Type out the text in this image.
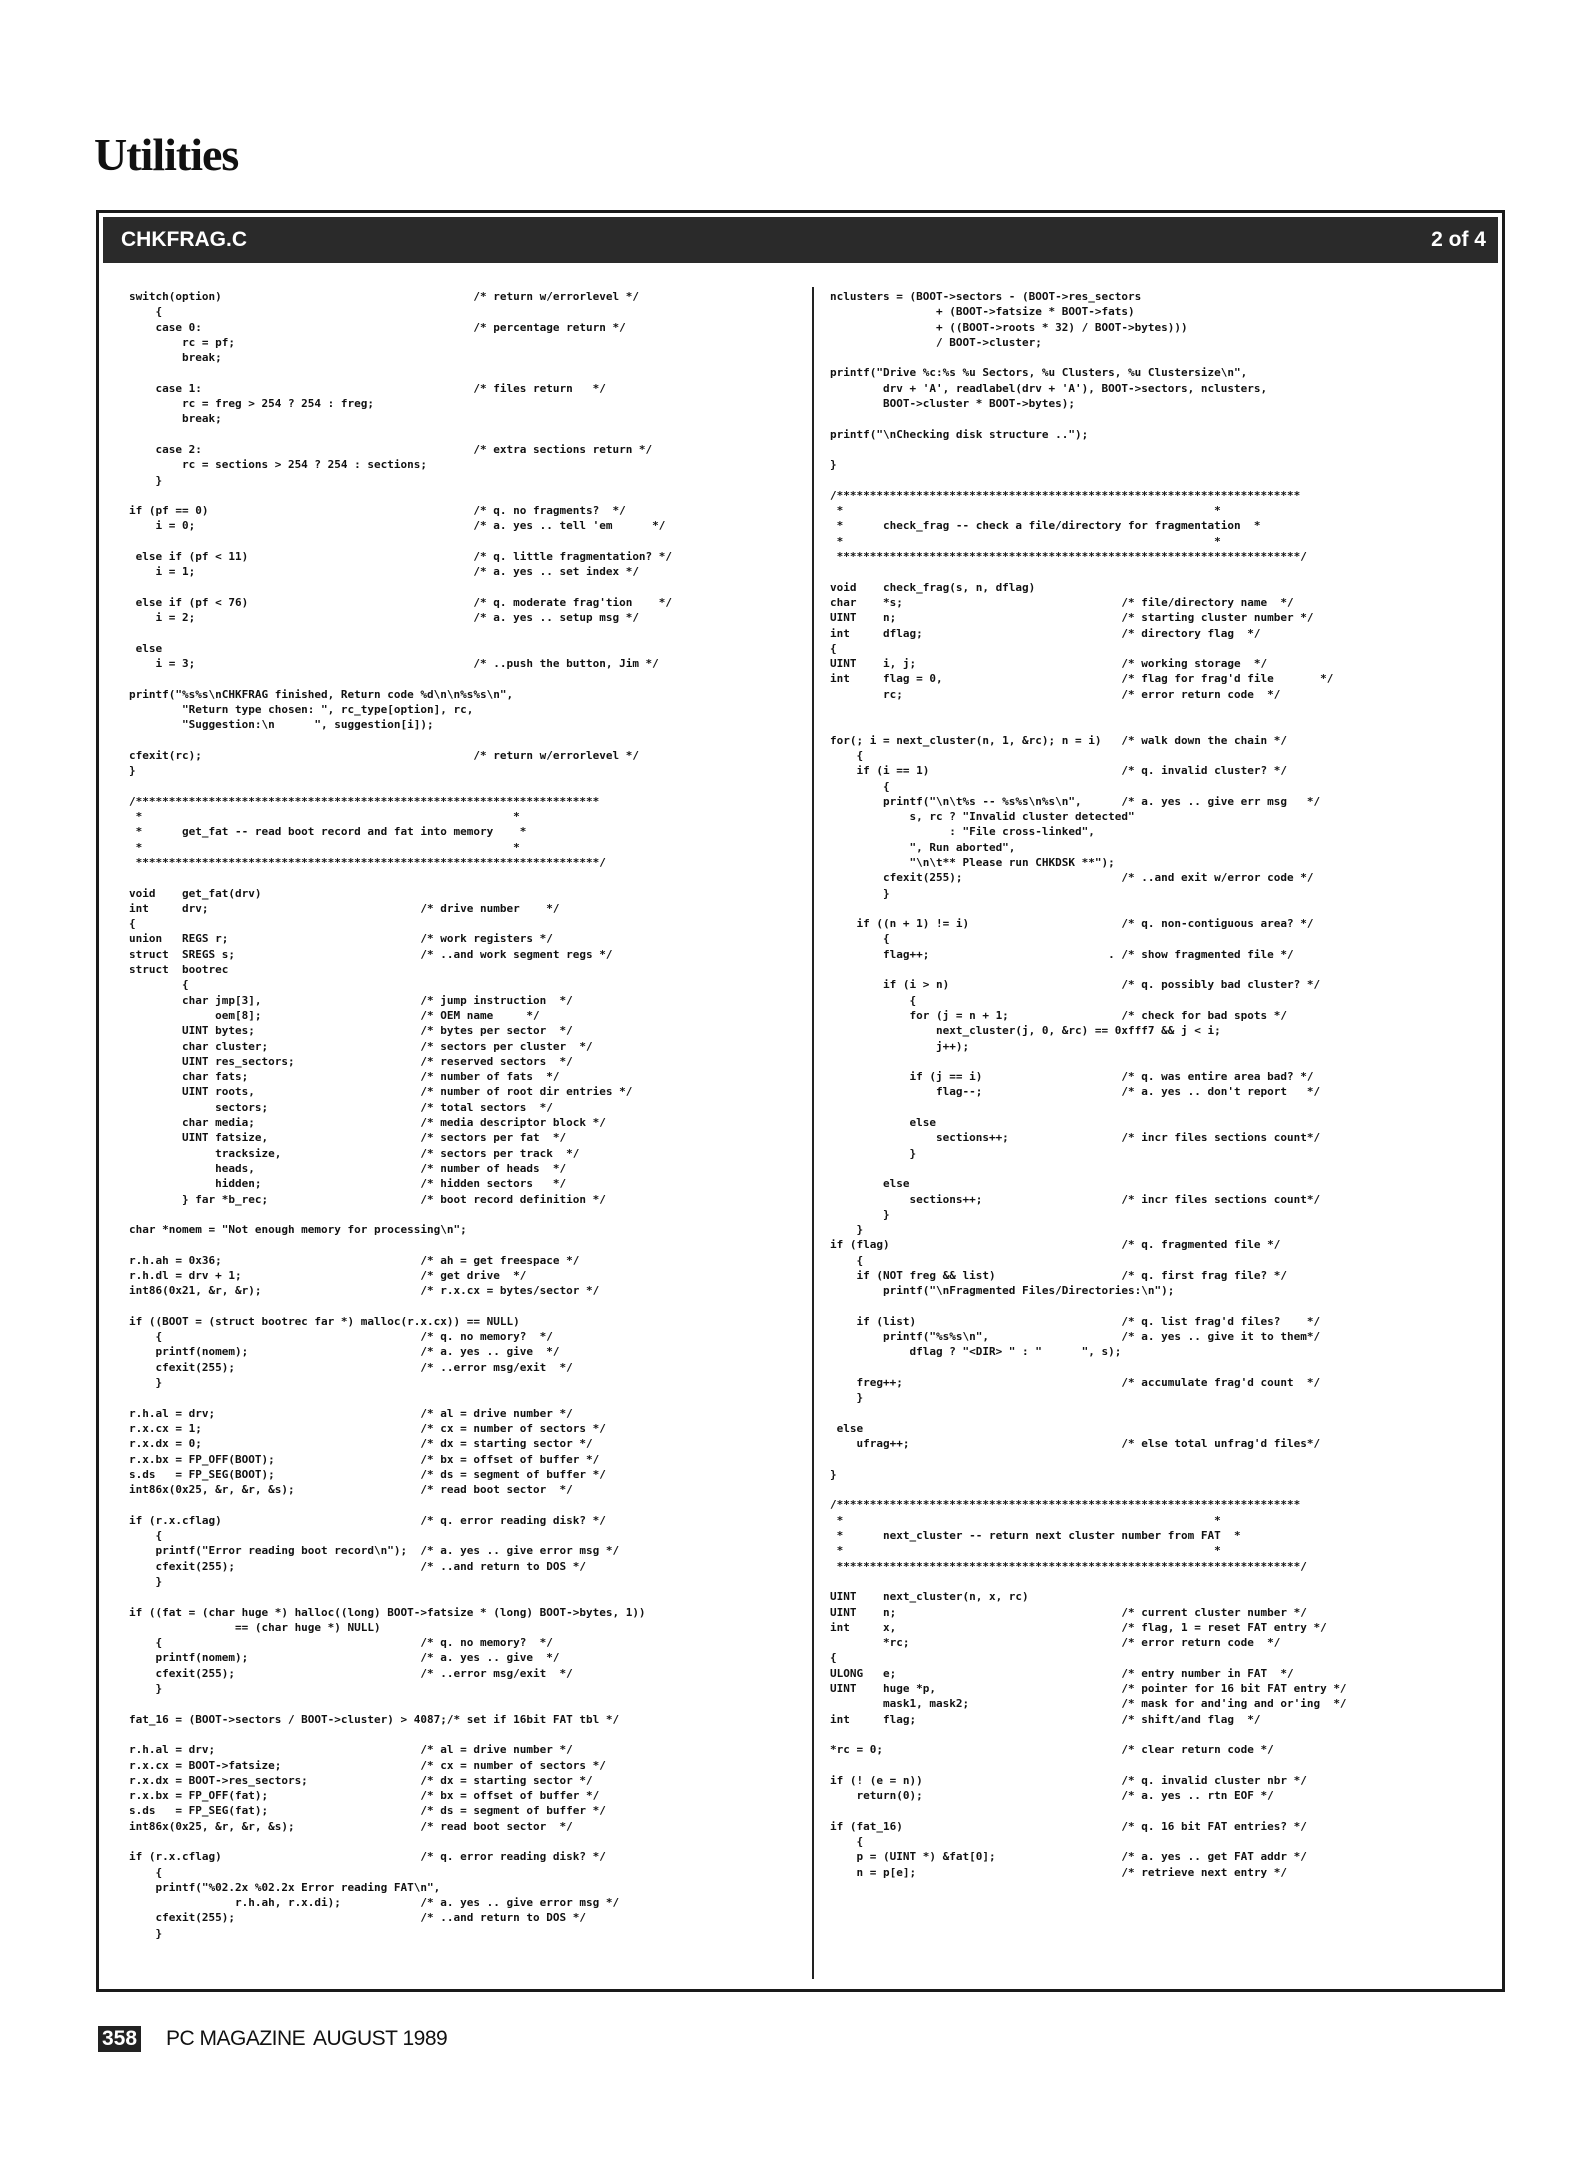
Utilities
CHKFRAG.C	2 of 4
switch(option)                                      /* return w/errorlevel */
{
case 0:                                         /* percentage return */
rc = pf;
break;

case 1:                                         /* files return   */
rc = freg > 254 ? 254 : freg;
break;

case 2:                                         /* extra sections return */
rc = sections > 254 ? 254 : sections;
}

if (pf == 0)                                        /* q. no fragments?  */
i = 0;                                          /* a. yes .. tell 'em      */

else if (pf < 11)                                  /* q. little fragmentation? */
i = 1;                                          /* a. yes .. set index */

else if (pf < 76)                                  /* q. moderate frag'tion    */
i = 2;                                          /* a. yes .. setup msg */

else
i = 3;                                          /* ..push the button, Jim */

printf("%s%s\nCHKFRAG finished, Return code %d\n\n%s%s\n",
"Return type chosen: ", rc_type[option], rc,
"Suggestion:\n      ", suggestion[i]);

cfexit(rc);                                         /* return w/errorlevel */
}

/**********************************************************************
*                                                        *
*      get_fat -- read boot record and fat into memory    *
*                                                        *
**********************************************************************/

void    get_fat(drv)
int     drv;                                /* drive number    */
{
union   REGS r;                             /* work registers */
struct  SREGS s;                            /* ..and work segment regs */
struct  bootrec
{
char jmp[3],                        /* jump instruction  */
oem[8];                        /* OEM name     */
UINT bytes;                         /* bytes per sector  */
char cluster;                       /* sectors per cluster  */
UINT res_sectors;                   /* reserved sectors  */
char fats;                          /* number of fats  */
UINT roots,                         /* number of root dir entries */
sectors;                       /* total sectors  */
char media;                         /* media descriptor block */
UINT fatsize,                       /* sectors per fat  */
tracksize,                     /* sectors per track  */
heads,                         /* number of heads  */
hidden;                        /* hidden sectors   */
} far *b_rec;                       /* boot record definition */

char *nomem = "Not enough memory for processing\n";

r.h.ah = 0x36;                              /* ah = get freespace */
r.h.dl = drv + 1;                           /* get drive  */
int86(0x21, &r, &r);                        /* r.x.cx = bytes/sector */

if ((BOOT = (struct bootrec far *) malloc(r.x.cx)) == NULL)
{                                       /* q. no memory?  */
printf(nomem);                          /* a. yes .. give  */
cfexit(255);                            /* ..error msg/exit  */
}

r.h.al = drv;                               /* al = drive number */
r.x.cx = 1;                                 /* cx = number of sectors */
r.x.dx = 0;                                 /* dx = starting sector */
r.x.bx = FP_OFF(BOOT);                      /* bx = offset of buffer */
s.ds   = FP_SEG(BOOT);                      /* ds = segment of buffer */
int86x(0x25, &r, &r, &s);                   /* read boot sector  */

if (r.x.cflag)                              /* q. error reading disk? */
{
printf("Error reading boot record\n");  /* a. yes .. give error msg */
cfexit(255);                            /* ..and return to DOS */
}

if ((fat = (char huge *) halloc((long) BOOT->fatsize * (long) BOOT->bytes, 1))
== (char huge *) NULL)
{                                       /* q. no memory?  */
printf(nomem);                          /* a. yes .. give  */
cfexit(255);                            /* ..error msg/exit  */
}

fat_16 = (BOOT->sectors / BOOT->cluster) > 4087;/* set if 16bit FAT tbl */

r.h.al = drv;                               /* al = drive number */
r.x.cx = BOOT->fatsize;                     /* cx = number of sectors */
r.x.dx = BOOT->res_sectors;                 /* dx = starting sector */
r.x.bx = FP_OFF(fat);                       /* bx = offset of buffer */
s.ds   = FP_SEG(fat);                       /* ds = segment of buffer */
int86x(0x25, &r, &r, &s);                   /* read boot sector  */

if (r.x.cflag)                              /* q. error reading disk? */
{
printf("%02.2x %02.2x Error reading FAT\n",
r.h.ah, r.x.di);            /* a. yes .. give error msg */
cfexit(255);                            /* ..and return to DOS */
}
nclusters = (BOOT->sectors - (BOOT->res_sectors
+ (BOOT->fatsize * BOOT->fats)
+ ((BOOT->roots * 32) / BOOT->bytes)))
/ BOOT->cluster;

printf("Drive %c:%s %u Sectors, %u Clusters, %u Clustersize\n",
drv + 'A', readlabel(drv + 'A'), BOOT->sectors, nclusters,
BOOT->cluster * BOOT->bytes);

printf("\nChecking disk structure ..");

}

/**********************************************************************
*                                                        *
*      check_frag -- check a file/directory for fragmentation  *
*                                                        *
**********************************************************************/

void    check_frag(s, n, dflag)
char    *s;                                 /* file/directory name  */
UINT    n;                                  /* starting cluster number */
int     dflag;                              /* directory flag  */
{
UINT    i, j;                               /* working storage  */
int     flag = 0,                           /* flag for frag'd file       */
rc;                                 /* error return code  */

for(; i = next_cluster(n, 1, &rc); n = i)   /* walk down the chain */
{
if (i == 1)                             /* q. invalid cluster? */
{
printf("\n\t%s -- %s%s\n%s\n",      /* a. yes .. give err msg   */
s, rc ? "Invalid cluster detected"
: "File cross-linked",
", Run aborted",
"\n\t** Please run CHKDSK **");
cfexit(255);                        /* ..and exit w/error code */
}

if ((n + 1) != i)                       /* q. non-contiguous area? */
{
flag++;                           . /* show fragmented file */

if (i > n)                          /* q. possibly bad cluster? */
{
for (j = n + 1;                 /* check for bad spots */
next_cluster(j, 0, &rc) == 0xfff7 && j < i;
j++);

if (j == i)                     /* q. was entire area bad? */
flag--;                     /* a. yes .. don't report   */

else
sections++;                 /* incr files sections count*/
}

else
sections++;                     /* incr files sections count*/
}
}
if (flag)                                   /* q. fragmented file */
{
if (NOT freg && list)                   /* q. first frag file? */
printf("\nFragmented Files/Directories:\n");

if (list)                               /* q. list frag'd files?    */
printf("%s%s\n",                    /* a. yes .. give it to them*/
dflag ? "<DIR> " : "      ", s);

freg++;                                 /* accumulate frag'd count  */
}

else
ufrag++;                                /* else total unfrag'd files*/

}

/**********************************************************************
*                                                        *
*      next_cluster -- return next cluster number from FAT  *
*                                                        *
**********************************************************************/

UINT    next_cluster(n, x, rc)
UINT    n;                                  /* current cluster number */
int     x,                                  /* flag, 1 = reset FAT entry */
*rc;                                /* error return code  */
{
ULONG   e;                                  /* entry number in FAT  */
UINT    huge *p,                            /* pointer for 16 bit FAT entry */
mask1, mask2;                       /* mask for and'ing and or'ing  */
int     flag;                               /* shift/and flag  */

*rc = 0;                                    /* clear return code */

if (! (e = n))                              /* q. invalid cluster nbr */
return(0);                              /* a. yes .. rtn EOF */

if (fat_16)                                 /* q. 16 bit FAT entries? */
{
p = (UINT *) &fat[0];                   /* a. yes .. get FAT addr */
n = p[e];                               /* retrieve next entry */
358 PC MAGAZINE AUGUST 1989
